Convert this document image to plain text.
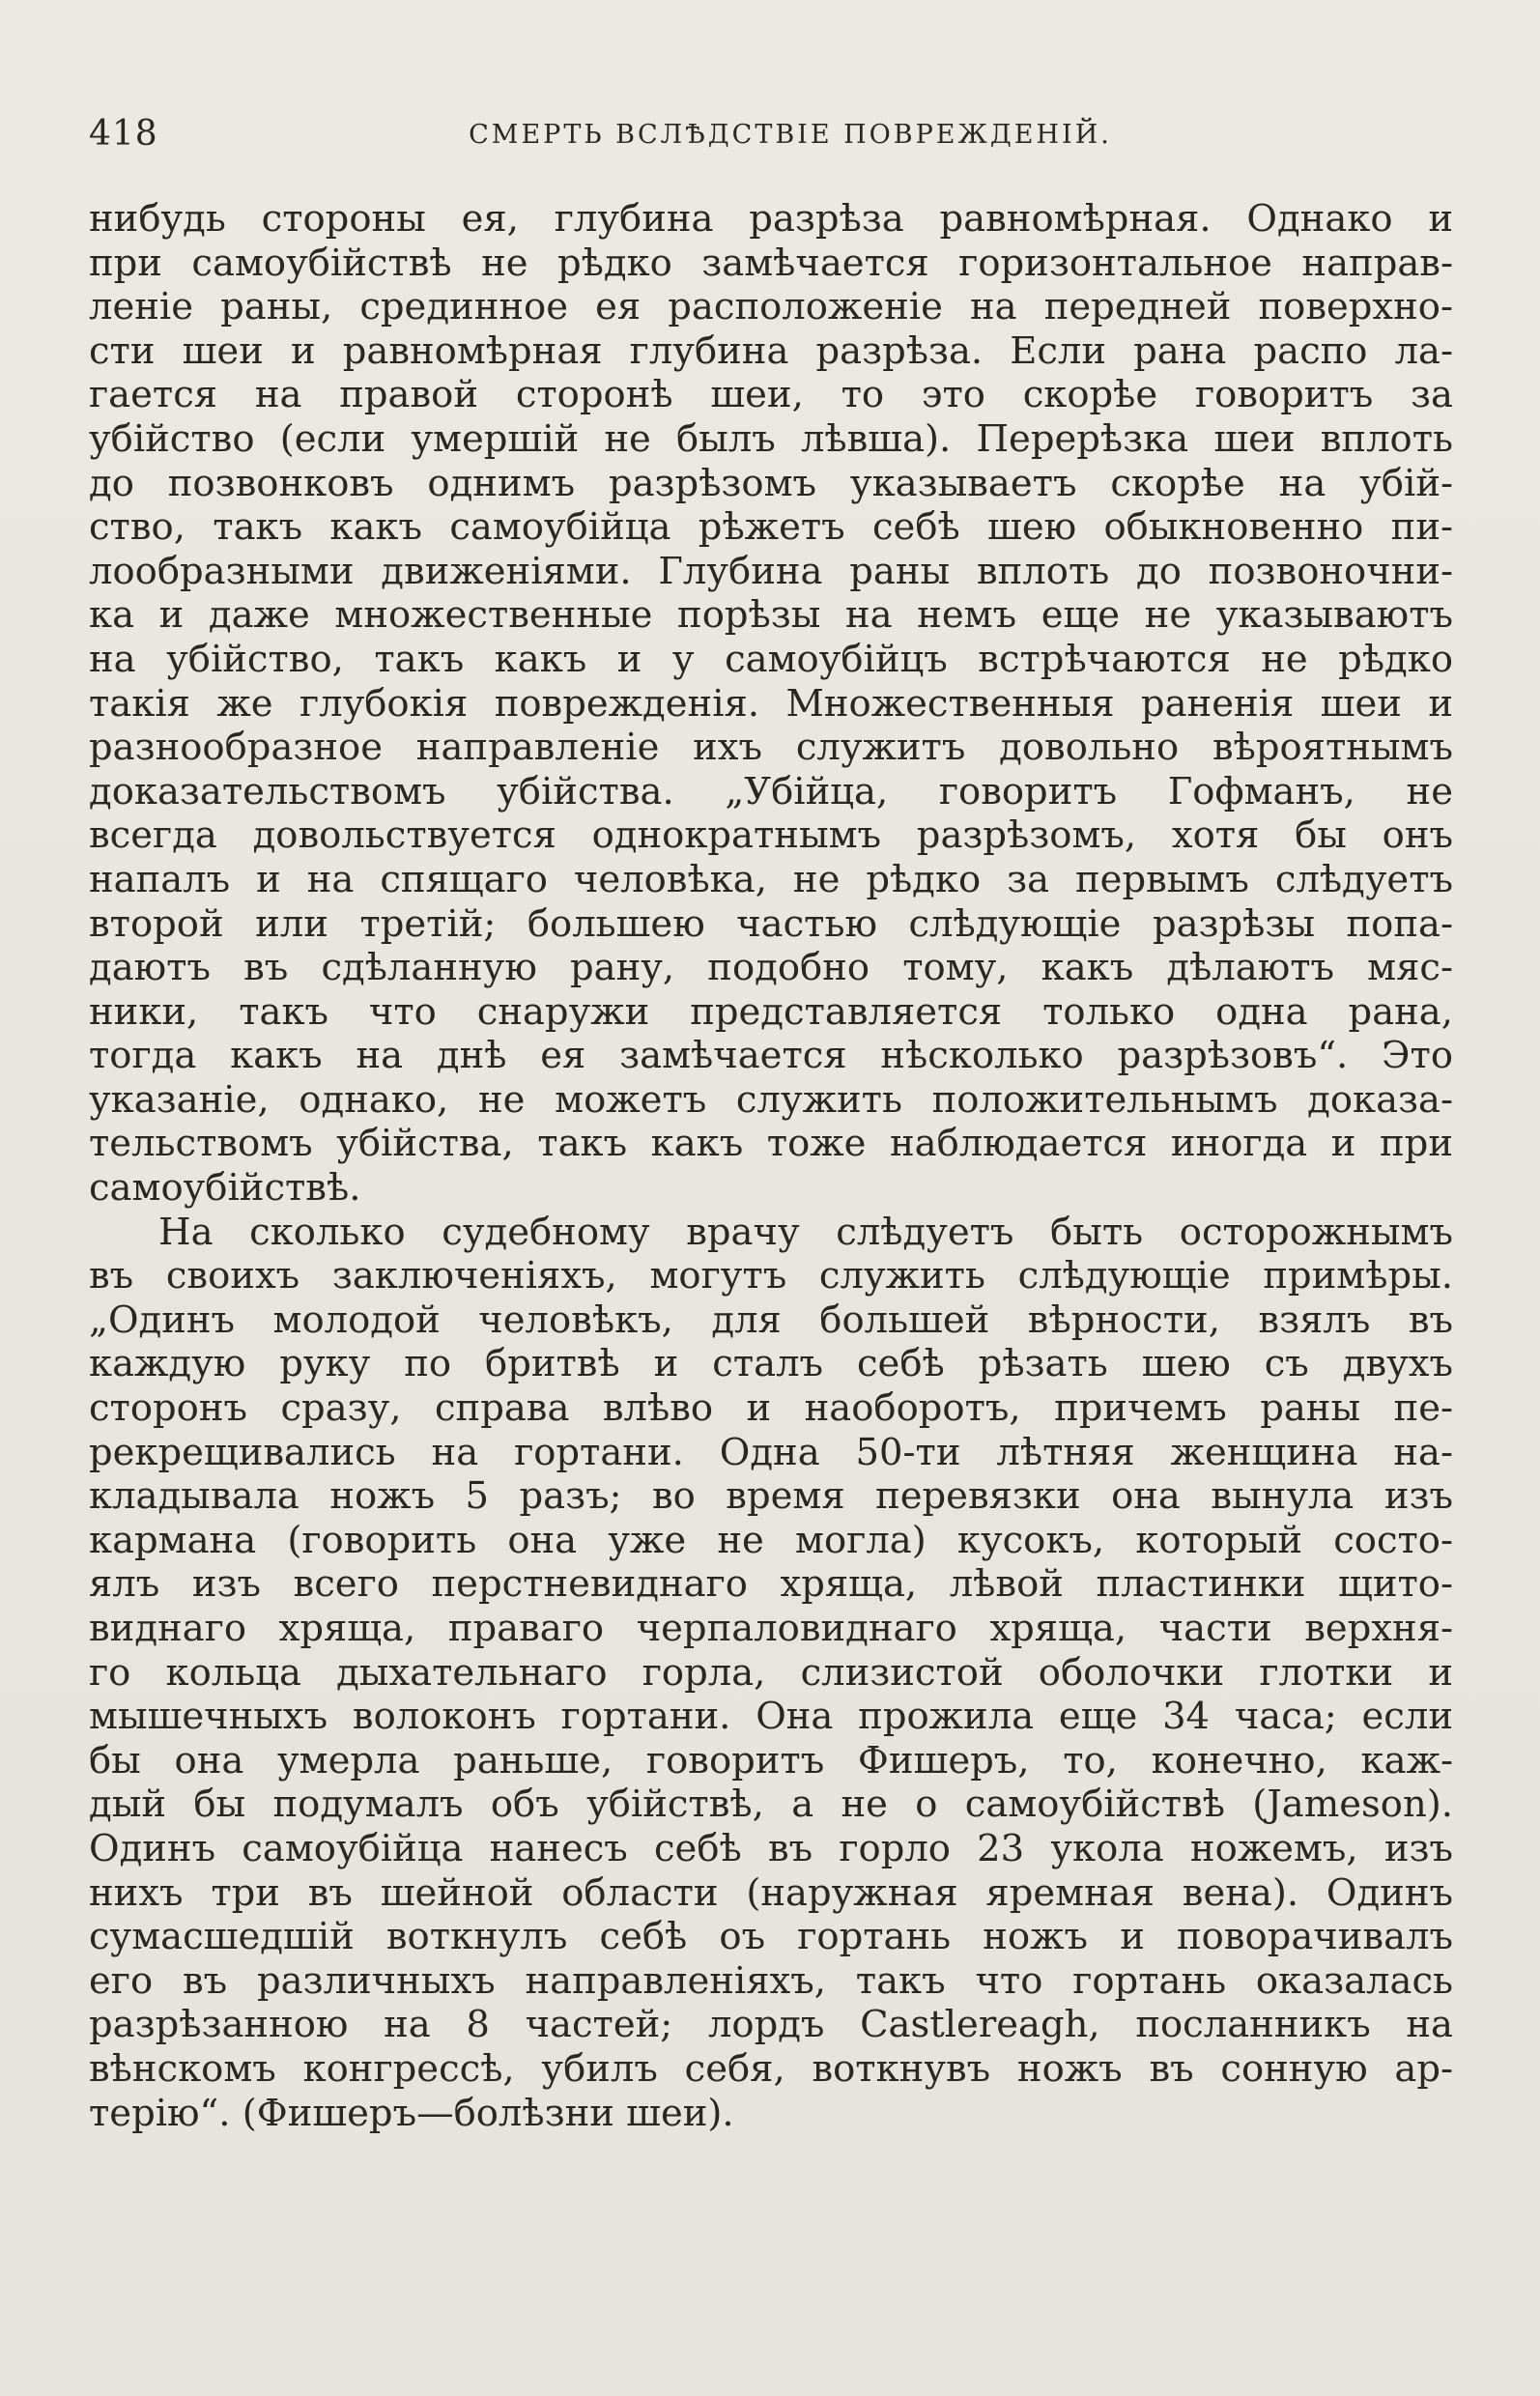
418	СМЕРТЬ ВСЛѢДСТВІЕ ПОВРЕЖДЕНІЙ.
нибудь стороны ея, глубина разрѣза равномѣрная. Однако и
при самоубійствѣ не рѣдко замѣчается горизонтальное направ-
леніе раны, срединное ея расположеніе на передней поверхно-
сти шеи и равномѣрная глубина разрѣза. Если рана распо ла-
гается на правой сторонѣ шеи, то это скорѣе говоритъ за
убійство (если умершій не былъ лѣвша). Перерѣзка шеи вплоть
до позвонковъ однимъ разрѣзомъ указываетъ скорѣе на убій-
ство, такъ какъ самоубійца рѣжетъ себѣ шею обыкновенно пи-
лообразными движеніями. Глубина раны вплоть до позвоночни-
ка и даже множественные порѣзы на немъ еще не указываютъ
на убійство, такъ какъ и у самоубійцъ встрѣчаются не рѣдко
такія же глубокія поврежденія. Множественныя раненія шеи и
разнообразное направленіе ихъ служитъ довольно вѣроятнымъ
доказательствомъ убійства. „Убійца, говоритъ Гофманъ, не
всегда довольствуется однократнымъ разрѣзомъ, хотя бы онъ
напалъ и на спящаго человѣка, не рѣдко за первымъ слѣдуетъ
второй или третій; большею частью слѣдующіе разрѣзы попа-
даютъ въ сдѣланную рану, подобно тому, какъ дѣлаютъ мяс-
ники, такъ что снаружи представляется только одна рана,
тогда какъ на днѣ ея замѣчается нѣсколько разрѣзовъ“. Это
указаніе, однако, не можетъ служить положительнымъ доказа-
тельствомъ убійства, такъ какъ тоже наблюдается иногда и при
самоубійствѣ.
На сколько судебному врачу слѣдуетъ быть осторожнымъ
въ своихъ заключеніяхъ, могутъ служить слѣдующіе примѣры.
„Одинъ молодой человѣкъ, для большей вѣрности, взялъ въ
каждую руку по бритвѣ и сталъ себѣ рѣзать шею съ двухъ
сторонъ сразу, справа влѣво и наоборотъ, причемъ раны пе-
рекрещивались на гортани. Одна 50-ти лѣтняя женщина на-
кладывала ножъ 5 разъ; во время перевязки она вынула изъ
кармана (говорить она уже не могла) кусокъ, который состо-
ялъ изъ всего перстневиднаго хряща, лѣвой пластинки щито-
виднаго хряща, праваго черпаловиднаго хряща, части верхня-
го кольца дыхательнаго горла, слизистой оболочки глотки и
мышечныхъ волоконъ гортани. Она прожила еще 34 часа; если
бы она умерла раньше, говоритъ Фишеръ, то, конечно, каж-
дый бы подумалъ объ убійствѣ, а не о самоубійствѣ (Jameson).
Одинъ самоубійца нанесъ себѣ въ горло 23 укола ножемъ, изъ
нихъ три въ шейной области (наружная яремная вена). Одинъ
сумасшедшій воткнулъ себѣ оъ гортань ножъ и поворачивалъ
его въ различныхъ направленіяхъ, такъ что гортань оказалась
разрѣзанною на 8 частей; лордъ Castlereagh, посланникъ на
вѣнскомъ конгрессѣ, убилъ себя, воткнувъ ножъ въ сонную ар-
терію“. (Фишеръ—болѣзни шеи).
